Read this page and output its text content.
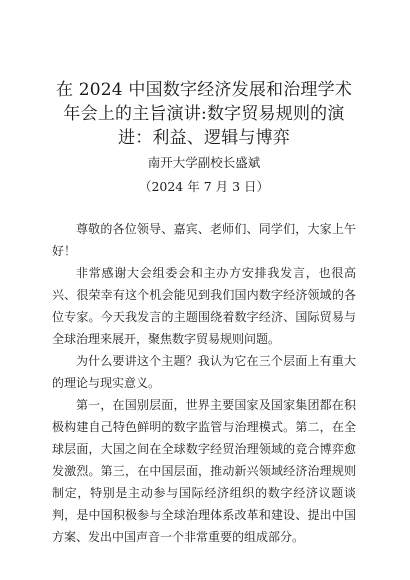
在 2024 中国数字经济发展和治理学术年会上的主旨演讲:数字贸易规则的演进：利益、逻辑与博弈
南开大学副校长盛斌
（2024 年 7 月 3 日）

尊敬的各位领导、嘉宾、老师们、同学们，大家上午好！

非常感谢大会组委会和主办方安排我发言，也很高兴、很荣幸有这个机会能见到我们国内数字经济领域的各位专家。今天我发言的主题围绕着数字经济、国际贸易与全球治理来展开，聚焦数字贸易规则问题。

为什么要讲这个主题？我认为它在三个层面上有重大的理论与现实意义。

第一，在国别层面，世界主要国家及国家集团都在积极构建自己特色鲜明的数字监管与治理模式。第二，在全球层面，大国之间在全球数字经贸治理领域的竞合博弈愈发激烈。第三，在中国层面，推动新兴领域经济治理规则制定，特别是主动参与国际经济组织的数字经济议题谈判，是中国积极参与全球治理体系改革和建设、提出中国方案、发出中国声音一个非常重要的组成部分。
